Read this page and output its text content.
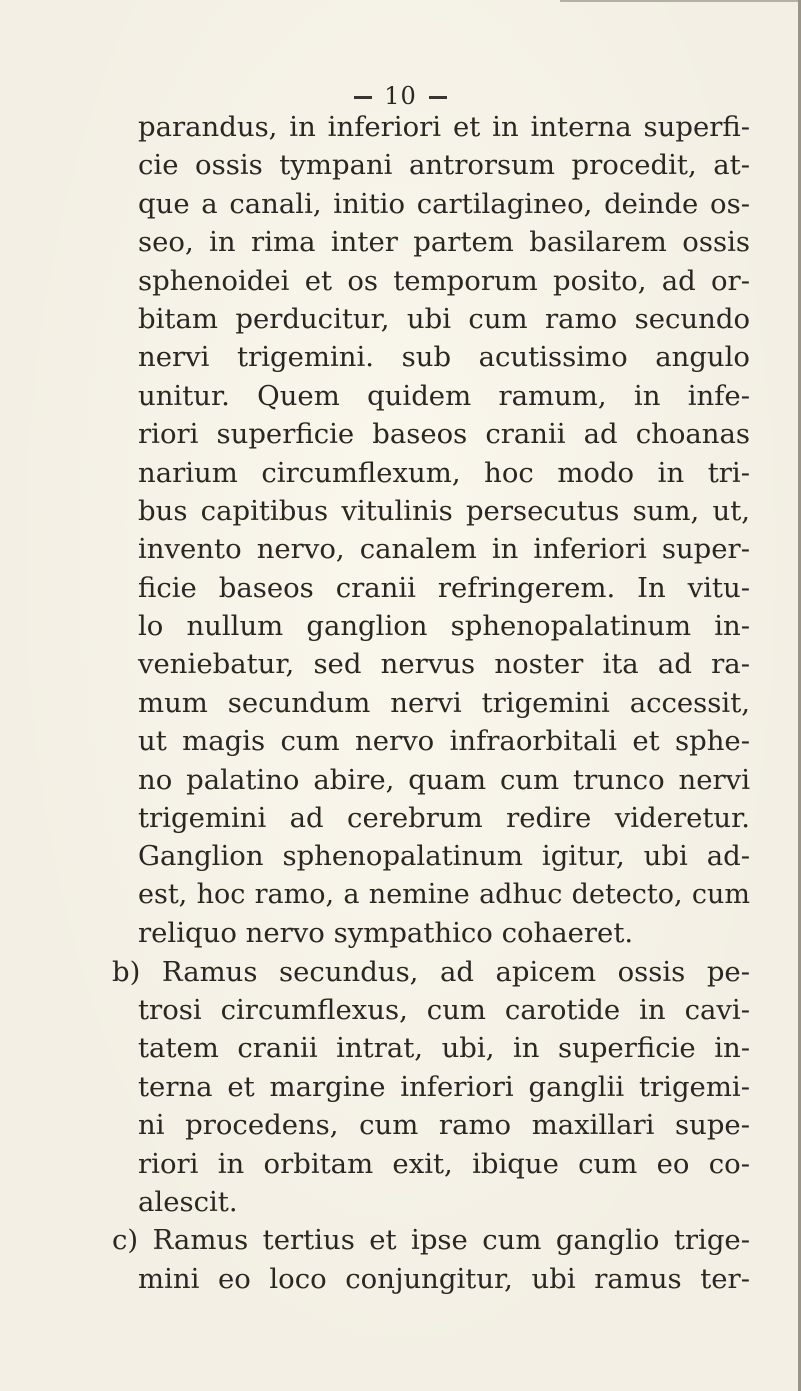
10
parandus, in inferiori et in interna superfi-
cie ossis tympani antrorsum procedit, at-
que a canali, initio cartilagineo, deinde os-
seo, in rima inter partem basilarem ossis
sphenoidei et os temporum posito, ad or-
bitam perducitur, ubi cum ramo secundo
nervi trigemini. sub acutissimo angulo
unitur. Quem quidem ramum, in infe-
riori superficie baseos cranii ad choanas
narium circumflexum, hoc modo in tri-
bus capitibus vitulinis persecutus sum, ut,
invento nervo, canalem in inferiori super-
ficie baseos cranii refringerem. In vitu-
lo nullum ganglion sphenopalatinum in-
veniebatur, sed nervus noster ita ad ra-
mum secundum nervi trigemini accessit,
ut magis cum nervo infraorbitali et sphe-
no palatino abire, quam cum trunco nervi
trigemini ad cerebrum redire videretur.
Ganglion sphenopalatinum igitur, ubi ad-
est, hoc ramo, a nemine adhuc detecto, cum
reliquo nervo sympathico cohaeret.
b) Ramus secundus, ad apicem ossis pe-
trosi circumflexus, cum carotide in cavi-
tatem cranii intrat, ubi, in superficie in-
terna et margine inferiori ganglii trigemi-
ni procedens, cum ramo maxillari supe-
riori in orbitam exit, ibique cum eo co-
alescit.
c) Ramus tertius et ipse cum ganglio trige-
mini eo loco conjungitur, ubi ramus ter-
